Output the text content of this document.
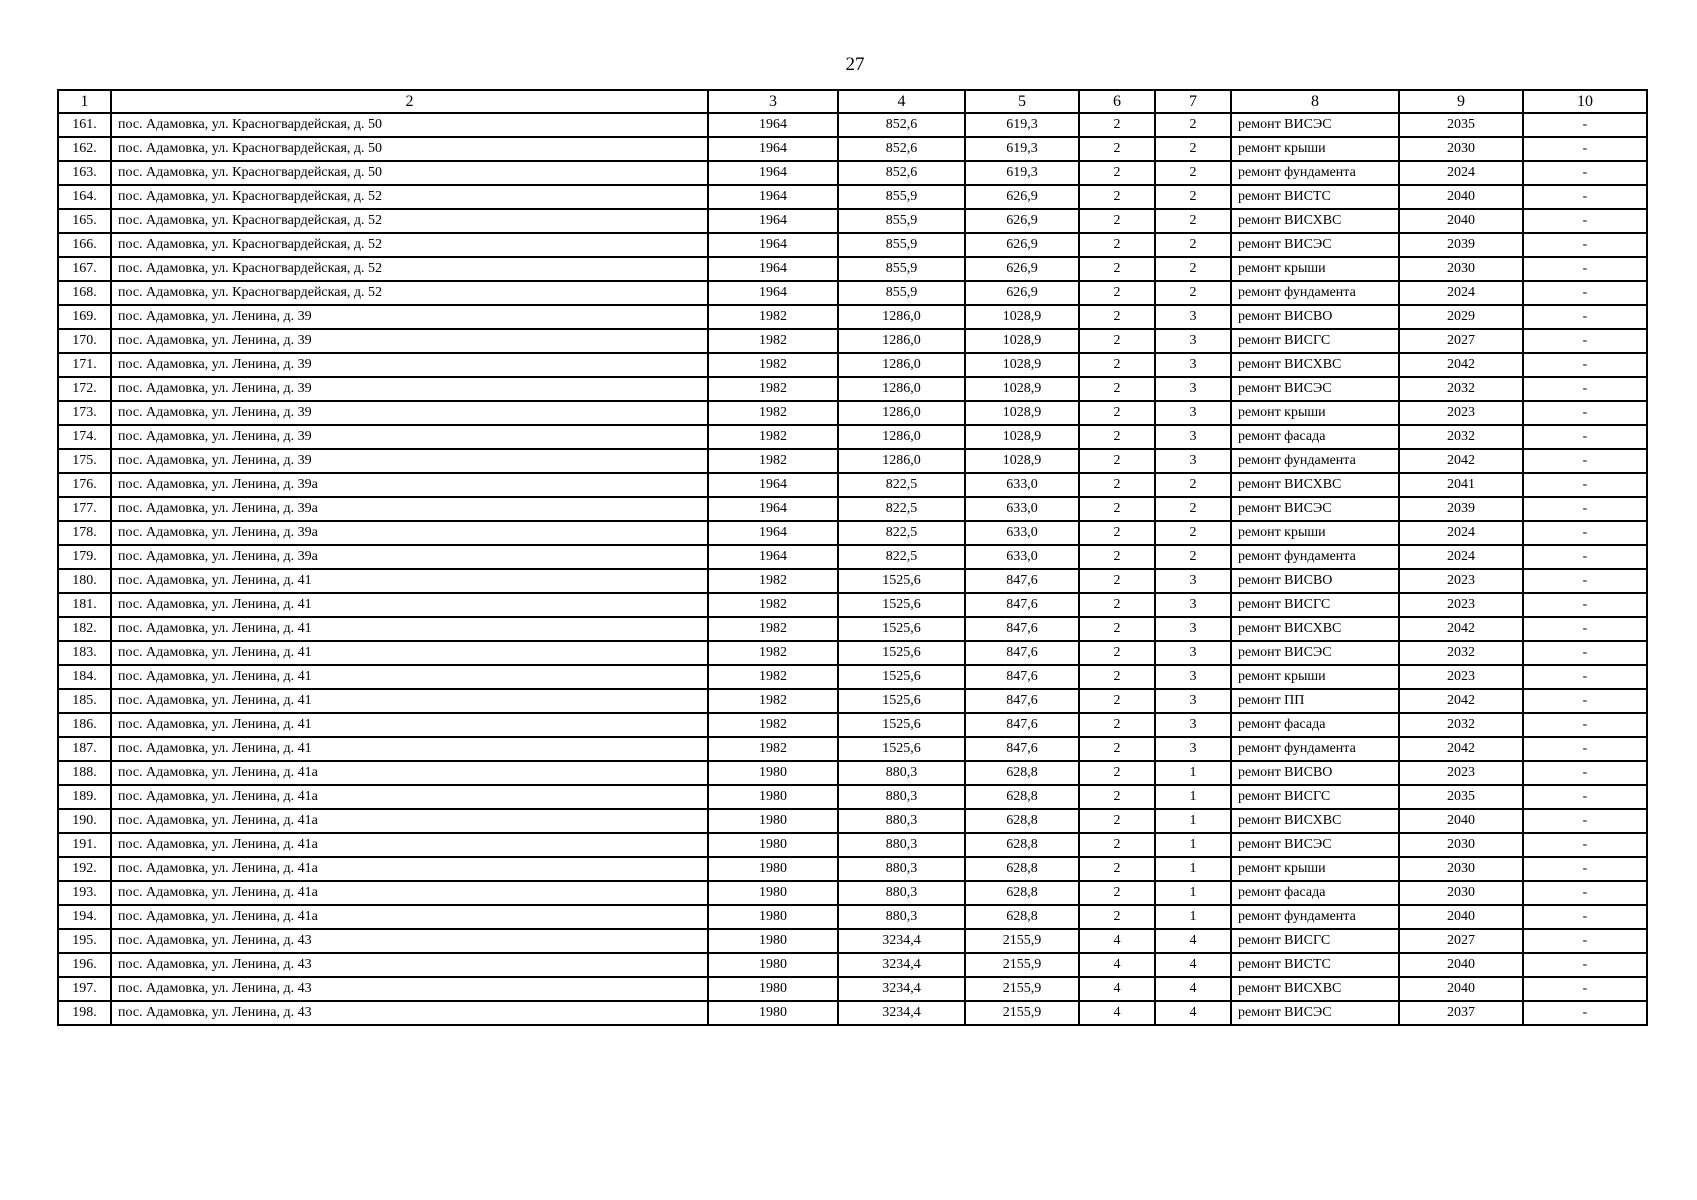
27
1	2	3	4	5	6	7	8	9	10
161.	пос. Адамовка, ул. Красногвардейская, д. 50	1964	852,6	619,3	2	2	ремонт ВИСЭС	2035	-
162.	пос. Адамовка, ул. Красногвардейская, д. 50	1964	852,6	619,3	2	2	ремонт крыши	2030	-
163.	пос. Адамовка, ул. Красногвардейская, д. 50	1964	852,6	619,3	2	2	ремонт фундамента	2024	-
164.	пос. Адамовка, ул. Красногвардейская, д. 52	1964	855,9	626,9	2	2	ремонт ВИСТС	2040	-
165.	пос. Адамовка, ул. Красногвардейская, д. 52	1964	855,9	626,9	2	2	ремонт ВИСХВС	2040	-
166.	пос. Адамовка, ул. Красногвардейская, д. 52	1964	855,9	626,9	2	2	ремонт ВИСЭС	2039	-
167.	пос. Адамовка, ул. Красногвардейская, д. 52	1964	855,9	626,9	2	2	ремонт крыши	2030	-
168.	пос. Адамовка, ул. Красногвардейская, д. 52	1964	855,9	626,9	2	2	ремонт фундамента	2024	-
169.	пос. Адамовка, ул. Ленина, д. 39	1982	1286,0	1028,9	2	3	ремонт ВИСВО	2029	-
170.	пос. Адамовка, ул. Ленина, д. 39	1982	1286,0	1028,9	2	3	ремонт ВИСГС	2027	-
171.	пос. Адамовка, ул. Ленина, д. 39	1982	1286,0	1028,9	2	3	ремонт ВИСХВС	2042	-
172.	пос. Адамовка, ул. Ленина, д. 39	1982	1286,0	1028,9	2	3	ремонт ВИСЭС	2032	-
173.	пос. Адамовка, ул. Ленина, д. 39	1982	1286,0	1028,9	2	3	ремонт крыши	2023	-
174.	пос. Адамовка, ул. Ленина, д. 39	1982	1286,0	1028,9	2	3	ремонт фасада	2032	-
175.	пос. Адамовка, ул. Ленина, д. 39	1982	1286,0	1028,9	2	3	ремонт фундамента	2042	-
176.	пос. Адамовка, ул. Ленина, д. 39а	1964	822,5	633,0	2	2	ремонт ВИСХВС	2041	-
177.	пос. Адамовка, ул. Ленина, д. 39а	1964	822,5	633,0	2	2	ремонт ВИСЭС	2039	-
178.	пос. Адамовка, ул. Ленина, д. 39а	1964	822,5	633,0	2	2	ремонт крыши	2024	-
179.	пос. Адамовка, ул. Ленина, д. 39а	1964	822,5	633,0	2	2	ремонт фундамента	2024	-
180.	пос. Адамовка, ул. Ленина, д. 41	1982	1525,6	847,6	2	3	ремонт ВИСВО	2023	-
181.	пос. Адамовка, ул. Ленина, д. 41	1982	1525,6	847,6	2	3	ремонт ВИСГС	2023	-
182.	пос. Адамовка, ул. Ленина, д. 41	1982	1525,6	847,6	2	3	ремонт ВИСХВС	2042	-
183.	пос. Адамовка, ул. Ленина, д. 41	1982	1525,6	847,6	2	3	ремонт ВИСЭС	2032	-
184.	пос. Адамовка, ул. Ленина, д. 41	1982	1525,6	847,6	2	3	ремонт крыши	2023	-
185.	пос. Адамовка, ул. Ленина, д. 41	1982	1525,6	847,6	2	3	ремонт ПП	2042	-
186.	пос. Адамовка, ул. Ленина, д. 41	1982	1525,6	847,6	2	3	ремонт фасада	2032	-
187.	пос. Адамовка, ул. Ленина, д. 41	1982	1525,6	847,6	2	3	ремонт фундамента	2042	-
188.	пос. Адамовка, ул. Ленина, д. 41а	1980	880,3	628,8	2	1	ремонт ВИСВО	2023	-
189.	пос. Адамовка, ул. Ленина, д. 41а	1980	880,3	628,8	2	1	ремонт ВИСГС	2035	-
190.	пос. Адамовка, ул. Ленина, д. 41а	1980	880,3	628,8	2	1	ремонт ВИСХВС	2040	-
191.	пос. Адамовка, ул. Ленина, д. 41а	1980	880,3	628,8	2	1	ремонт ВИСЭС	2030	-
192.	пос. Адамовка, ул. Ленина, д. 41а	1980	880,3	628,8	2	1	ремонт крыши	2030	-
193.	пос. Адамовка, ул. Ленина, д. 41а	1980	880,3	628,8	2	1	ремонт фасада	2030	-
194.	пос. Адамовка, ул. Ленина, д. 41а	1980	880,3	628,8	2	1	ремонт фундамента	2040	-
195.	пос. Адамовка, ул. Ленина, д. 43	1980	3234,4	2155,9	4	4	ремонт ВИСГС	2027	-
196.	пос. Адамовка, ул. Ленина, д. 43	1980	3234,4	2155,9	4	4	ремонт ВИСТС	2040	-
197.	пос. Адамовка, ул. Ленина, д. 43	1980	3234,4	2155,9	4	4	ремонт ВИСХВС	2040	-
198.	пос. Адамовка, ул. Ленина, д. 43	1980	3234,4	2155,9	4	4	ремонт ВИСЭС	2037	-
